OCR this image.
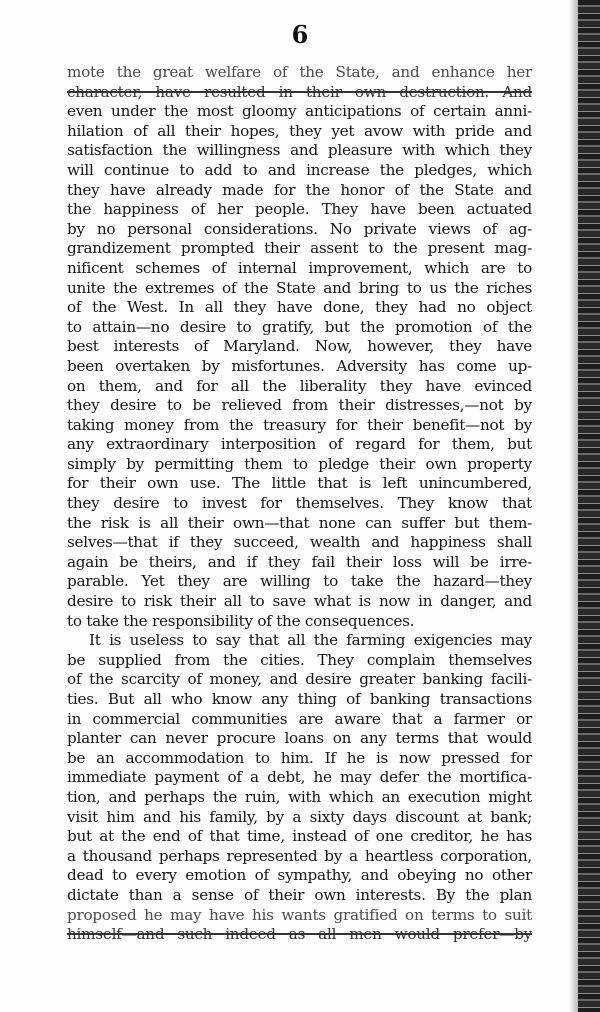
6
mote the great welfare of the State, and enhance her
character, have resulted in their own destruction. And
even under the most gloomy anticipations of certain anni-
hilation of all their hopes, they yet avow with pride and
satisfaction the willingness and pleasure with which they
will continue to add to and increase the pledges, which
they have already made for the honor of the State and
the happiness of her people. They have been actuated
by no personal considerations. No private views of ag-
grandizement prompted their assent to the present mag-
nificent schemes of internal improvement, which are to
unite the extremes of the State and bring to us the riches
of the West. In all they have done, they had no object
to attain—no desire to gratify, but the promotion of the
best interests of Maryland. Now, however, they have
been overtaken by misfortunes. Adversity has come up-
on them, and for all the liberality they have evinced
they desire to be relieved from their distresses,—not by
taking money from the treasury for their benefit—not by
any extraordinary interposition of regard for them, but
simply by permitting them to pledge their own property
for their own use. The little that is left unincumbered,
they desire to invest for themselves. They know that
the risk is all their own—that none can suffer but them-
selves—that if they succeed, wealth and happiness shall
again be theirs, and if they fail their loss will be irre-
parable. Yet they are willing to take the hazard—they
desire to risk their all to save what is now in danger, and
to take the responsibility of the consequences.
It is useless to say that all the farming exigencies may
be supplied from the cities. They complain themselves
of the scarcity of money, and desire greater banking facili-
ties. But all who know any thing of banking transactions
in commercial communities are aware that a farmer or
planter can never procure loans on any terms that would
be an accommodation to him. If he is now pressed for
immediate payment of a debt, he may defer the mortifica-
tion, and perhaps the ruin, with which an execution might
visit him and his family, by a sixty days discount at bank;
but at the end of that time, instead of one creditor, he has
a thousand perhaps represented by a heartless corporation,
dead to every emotion of sympathy, and obeying no other
dictate than a sense of their own interests. By the plan
proposed he may have his wants gratified on terms to suit
himself—and such indeed as all men would prefer—by
